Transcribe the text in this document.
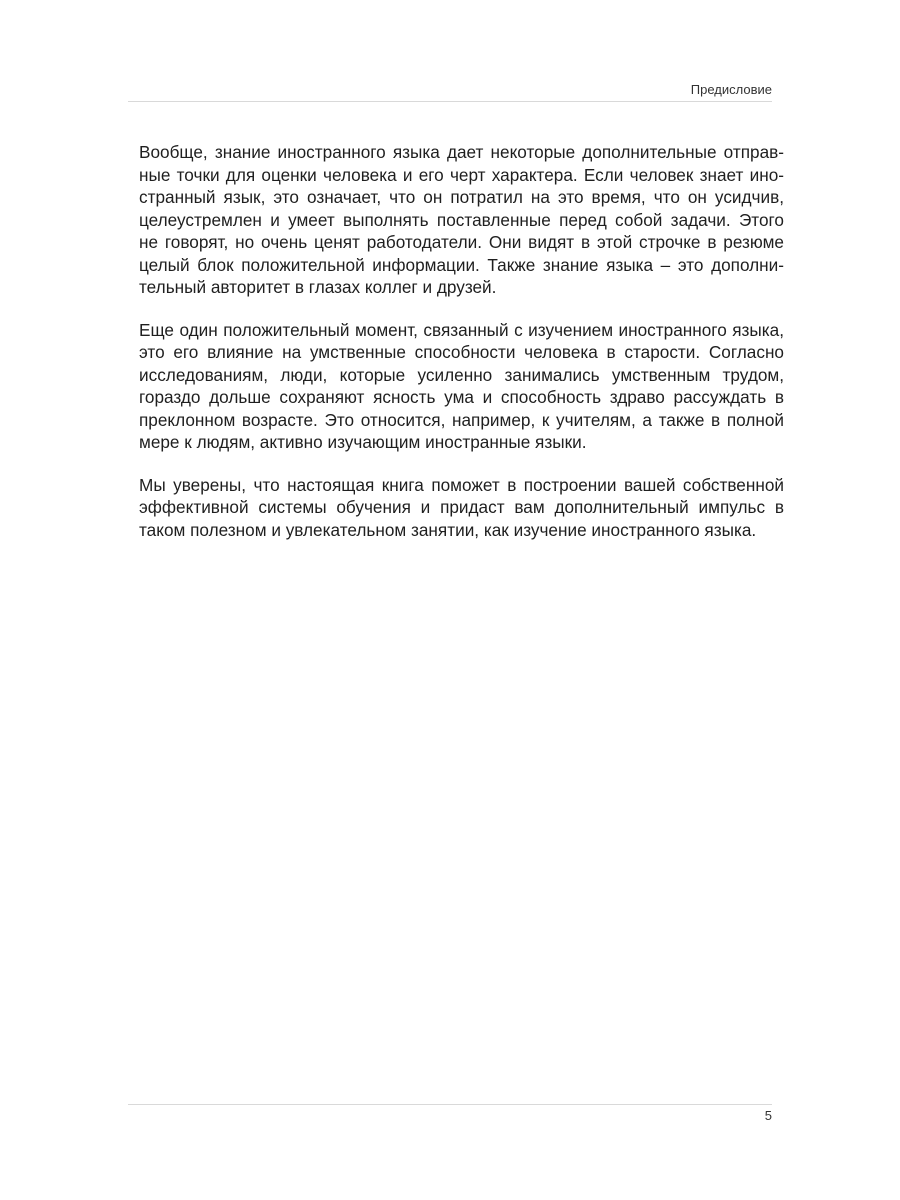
Предисловие

Вообще, знание иностранного языка дает некоторые дополнительные отправ-
ные точки для оценки человека и его черт характера. Если человек знает ино-
странный язык, это означает, что он потратил на это время, что он усидчив,
целеустремлен и умеет выполнять поставленные перед собой задачи. Этого
не говорят, но очень ценят работодатели. Они видят в этой строчке в резюме
целый блок положительной информации. Также знание языка – это дополни-
тельный авторитет в глазах коллег и друзей.

Еще один положительный момент, связанный с изучением иностранного языка,
это его влияние на умственные способности человека в старости. Согласно
исследованиям, люди, которые усиленно занимались умственным трудом,
гораздо дольше сохраняют ясность ума и способность здраво рассуждать в
преклонном возрасте. Это относится, например, к учителям, а также в полной
мере к людям, активно изучающим иностранные языки.

Мы уверены, что настоящая книга поможет в построении вашей собственной
эффективной системы обучения и придаст вам дополнительный импульс в
таком полезном и увлекательном занятии, как изучение иностранного языка.

5
